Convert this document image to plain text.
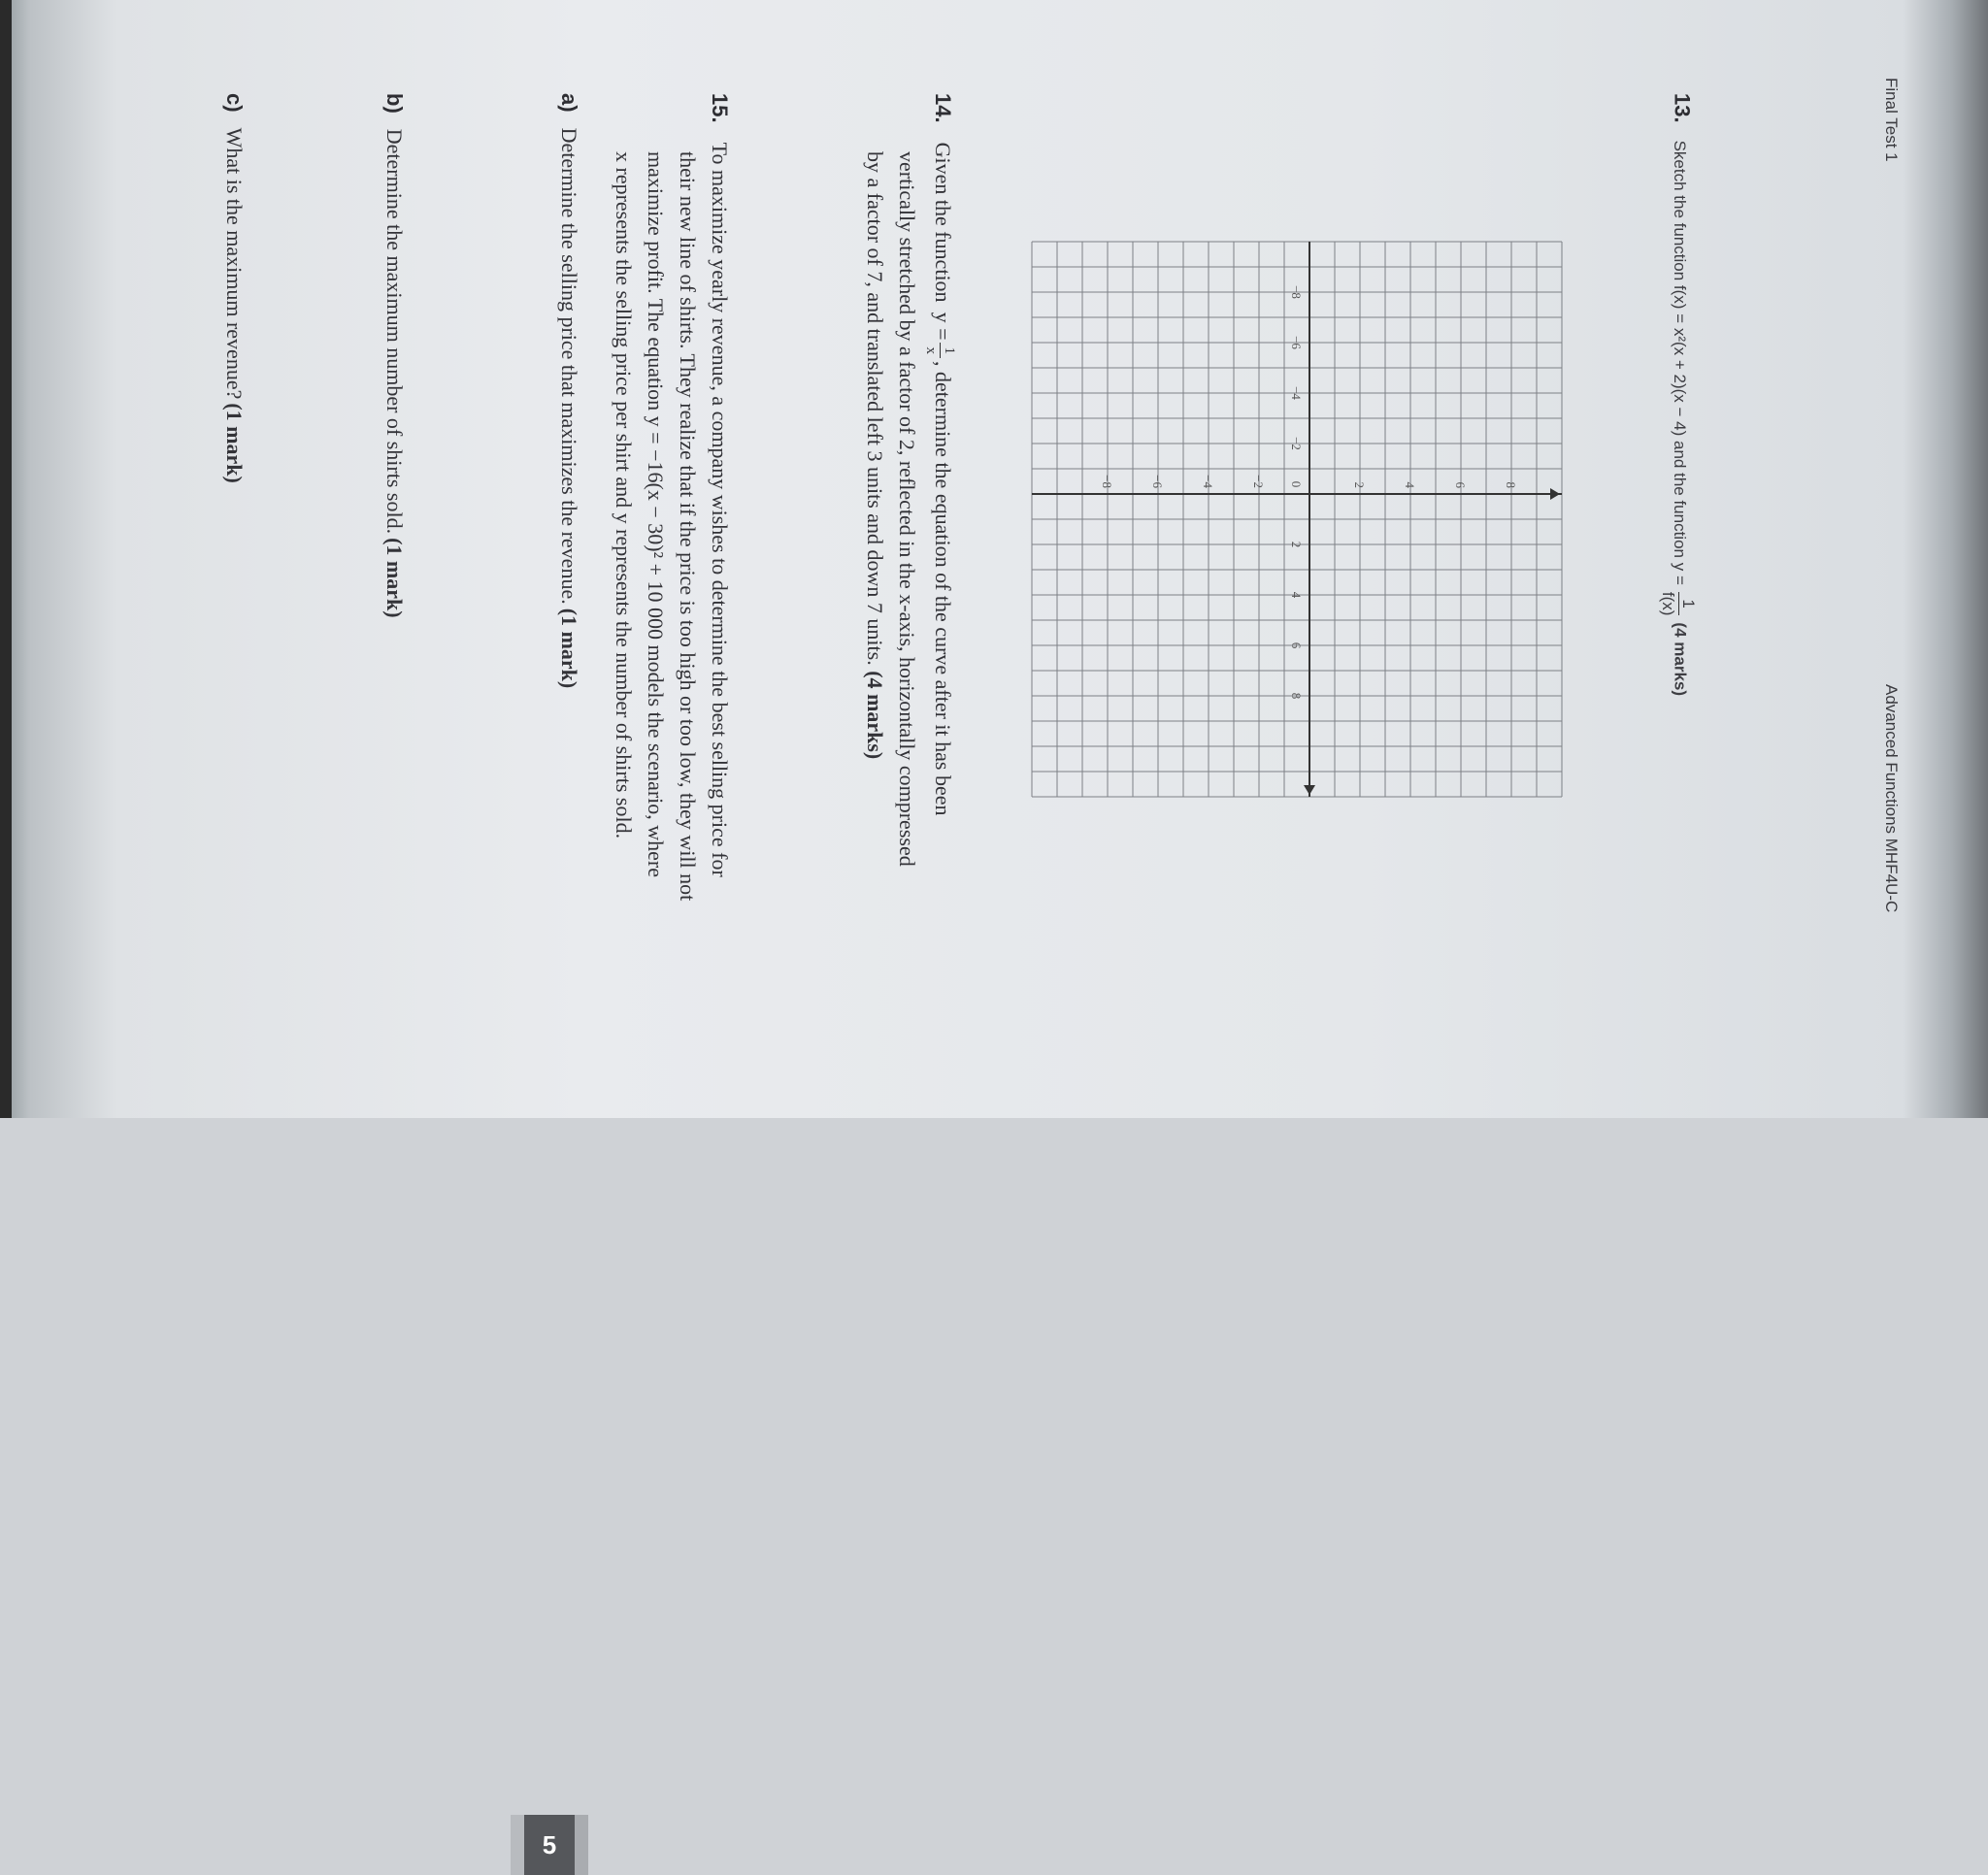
Final Test 1
Advanced Functions MHF4U-C
13. Sketch the function f(x) = x²(x + 2)(x − 4) and the function y =
1
f(x)
(4 marks)
−8
−6
−4
−2
0
2
4
6
8
8
6
4
2
−2
−4
−6
−8
14. Given the function y =
1
x
, determine the equation of the curve after it has been
vertically stretched by a factor of 2, reflected in the x-axis, horizontally compressed
by a factor of 7, and translated left 3 units and down 7 units. (4 marks)
15. To maximize yearly revenue, a company wishes to determine the best selling price for
their new line of shirts. They realize that if the price is too high or too low, they will not
maximize profit. The equation y = −16(x − 30)² + 10 000 models the scenario, where
x represents the selling price per shirt and y represents the number of shirts sold.
a) Determine the selling price that maximizes the revenue. (1 mark)
b) Determine the maximum number of shirts sold. (1 mark)
c) What is the maximum revenue? (1 mark)
5
